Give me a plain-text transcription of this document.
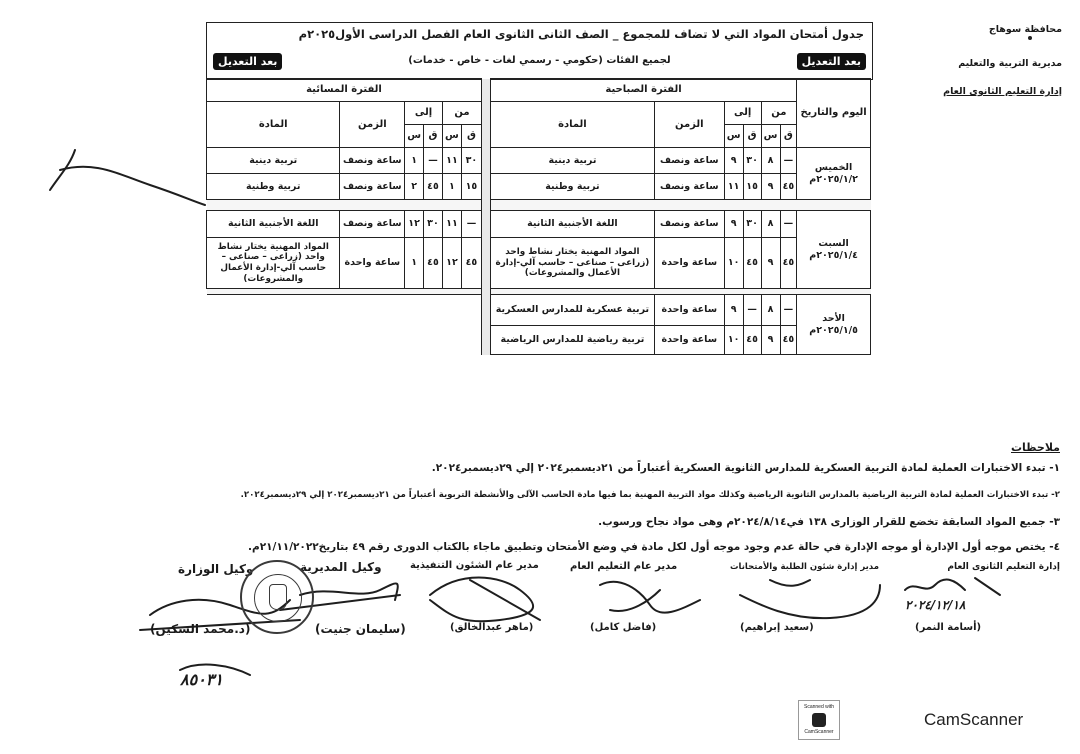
محافظة سوهاج
مديرية التربية والتعليم
إدارة التعليم الثانوى العام
جدول أمتحان المواد التي لا تضاف للمجموع _ الصف الثانى الثانوى العام الفصل الدراسى الأول٢٠٢٥م
لجميع الفئات (حكومي - رسمي لغات - خاص - خدمات)	بعد التعديل
بعد التعديل
اليوم والتاريخ	الفترة الصباحية							الفترة المسائية					
	من		إلى		الزمن	المادة		من		إلى		الزمن	المادة
	ق	س	ق	س				ق	س	ق	س		

الخميس
٢٠٢٥/١/٢م	—	٨	٣٠	٩	ساعة ونصف	تربية دينية		٣٠	١١	—	١	ساعة ونصف	تربية دينية
	٤٥	٩	١٥	١١	ساعة ونصف	تربية وطنية		١٥	١	٤٥	٢	ساعة ونصف	تربية وطنية

السبت
٢٠٢٥/١/٤م	—	٨	٣٠	٩	ساعة ونصف	اللغة الأجنبية الثانية		—	١١	٣٠	١٢	ساعة ونصف	اللغة الأجنبية الثانية
	٤٥	٩	٤٥	١٠	ساعة واحدة	المواد المهنية يختار نشاط واحد (زراعى – صناعى – حاسب آلي-إدارة الأعمال والمشروعات)		٤٥	١٢	٤٥	١	ساعة واحدة	المواد المهنية يختار نشاط واحد (زراعى – صناعى – حاسب آلي-إدارة الأعمال والمشروعات)

الأحد
٢٠٢٥/١/٥م	—	٨	—	٩	ساعة واحدة	تربية عسكرية للمدارس العسكرية							
	٤٥	٩	٤٥	١٠	ساعة واحدة	تربية رياضية للمدارس الرياضية							
ملاحظات
١- تبدء الاختبارات العملية لمادة التربية العسكرية للمدارس الثانوية العسكرية أعتباراً من ٢١ديسمبر٢٠٢٤ إلي ٢٩ديسمبر٢٠٢٤.
٢- تبدء الاختبارات العملية لمادة التربية الرياضية بالمدارس الثانوية الرياضية وكذلك مواد التربية المهنية بما فيها مادة الحاسب الآلى والأنشطة التربوية أعتباراً من ٢١ديسمبر٢٠٢٤ إلي ٢٩ديسمبر٢٠٢٤.
٣- جميع المواد السابقة تخضع للقرار الوزارى ١٣٨ في٢٠٢٤/٨/١٤م وهى مواد نجاح ورسوب.
٤- يختص موجه أول الإدارة أو موجه الإدارة في حالة عدم وجود موجه أول لكل مادة في وضع الأمتحان وتطبيق ماجاء بالكتاب الدورى رقم ٤٩ بتاريخ٢١/١١/٢٠٢٢م.
إدارة التعليم الثانوى العام
مدير إدارة شئون الطلبة والأمتحانات
مدير عام التعليم العام
مدير عام الشئون التنفيذية
وكيل المديرية
وكيل الوزارة
٢٠٢٤/١٢/١٨
(أسامة النمر)
(سعيد إبراهيم)
(فاضل كامل)
(ماهر عبدالخالق)
(سليمان جنيت)
(د.محمد السكين)
٨٥٠٣١
Scanned with
CamScanner
CamScanner
